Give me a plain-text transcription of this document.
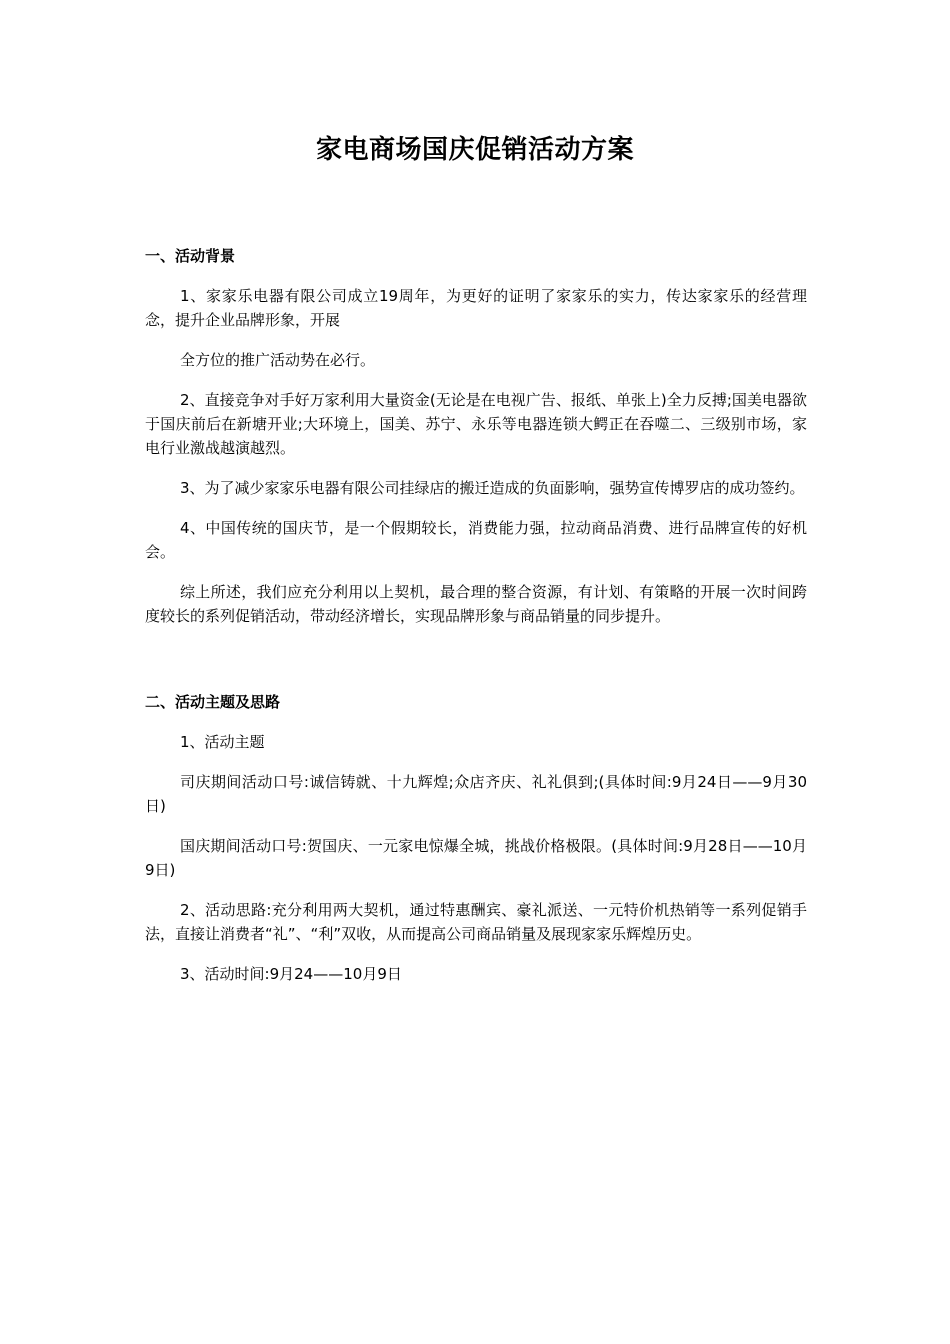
家电商场国庆促销活动方案

一、活动背景

1、家家乐电器有限公司成立19周年，为更好的证明了家家乐的实力，传达家家乐的经营理念，提升企业品牌形象，开展

全方位的推广活动势在必行。

2、直接竞争对手好万家利用大量资金(无论是在电视广告、报纸、单张上)全力反搏;国美电器欲于国庆前后在新塘开业;大环境上，国美、苏宁、永乐等电器连锁大鳄正在吞噬二、三级别市场，家电行业激战越演越烈。

3、为了减少家家乐电器有限公司挂绿店的搬迁造成的负面影响，强势宣传博罗店的成功签约。

4、中国传统的国庆节，是一个假期较长，消费能力强，拉动商品消费、进行品牌宣传的好机会。

综上所述，我们应充分利用以上契机，最合理的整合资源，有计划、有策略的开展一次时间跨度较长的系列促销活动，带动经济增长，实现品牌形象与商品销量的同步提升。

二、活动主题及思路

1、活动主题

司庆期间活动口号:诚信铸就、十九辉煌;众店齐庆、礼礼俱到;(具体时间:9月24日——9月30日)

国庆期间活动口号:贺国庆、一元家电惊爆全城，挑战价格极限。(具体时间:9月28日——10月9日)

2、活动思路:充分利用两大契机，通过特惠酬宾、豪礼派送、一元特价机热销等一系列促销手法，直接让消费者“礼”、“利”双收，从而提高公司商品销量及展现家家乐辉煌历史。

3、活动时间:9月24——10月9日
